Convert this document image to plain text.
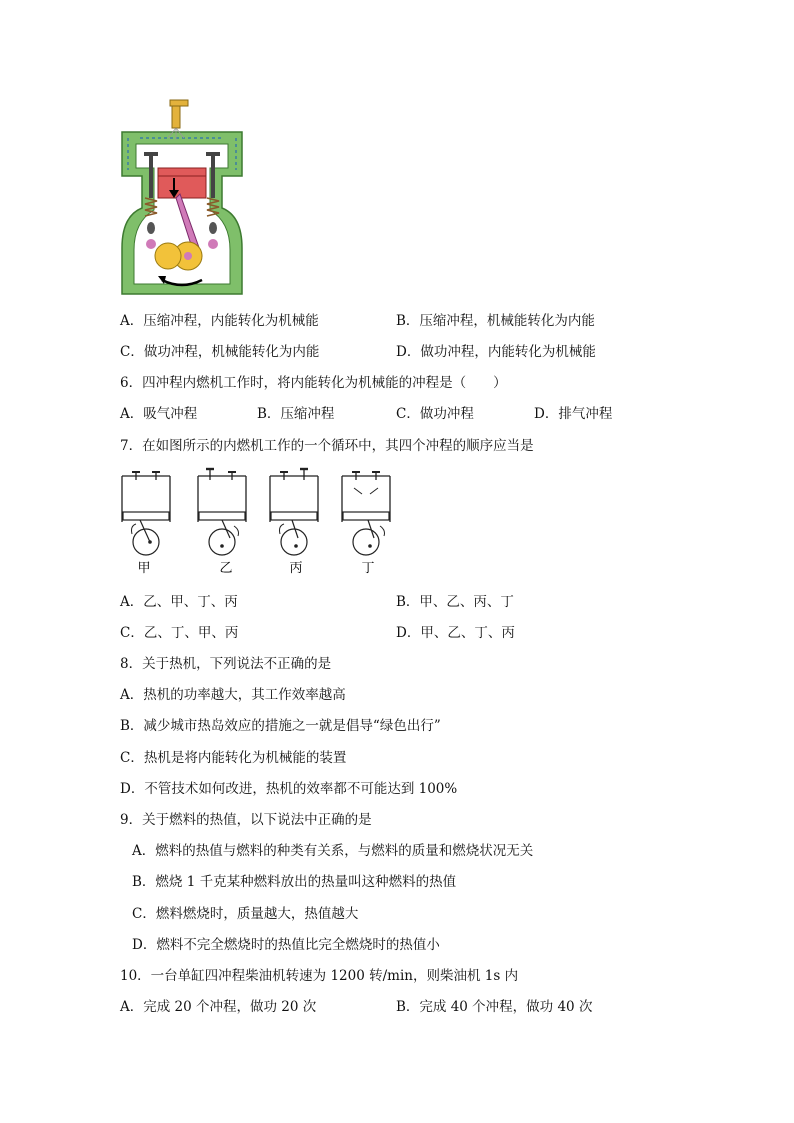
A．压缩冲程，内能转化为机械能	B．压缩冲程，机械能转化为内能
C．做功冲程，机械能转化为内能	D．做功冲程，内能转化为机械能
6．四冲程内燃机工作时，将内能转化为机械能的冲程是（　　）
A．吸气冲程	B．压缩冲程	C．做功冲程	D．排气冲程
7．在如图所示的内燃机工作的一个循环中，其四个冲程的顺序应当是
甲	乙	丙	丁
A．乙、甲、丁、丙	B．甲、乙、丙、丁
C．乙、丁、甲、丙	D．甲、乙、丁、丙
8．关于热机，下列说法不正确的是
A．热机的功率越大，其工作效率越高
B．减少城市热岛效应的措施之一就是倡导“绿色出行”
C．热机是将内能转化为机械能的装置
D．不管技术如何改进，热机的效率都不可能达到 100%
9．关于燃料的热值，以下说法中正确的是
A．燃料的热值与燃料的种类有关系，与燃料的质量和燃烧状况无关
B．燃烧 1 千克某种燃料放出的热量叫这种燃料的热值
C．燃料燃烧时，质量越大，热值越大
D．燃料不完全燃烧时的热值比完全燃烧时的热值小
10．一台单缸四冲程柴油机转速为 1200 转/min，则柴油机 1s 内
A．完成 20 个冲程，做功 20 次	B．完成 40 个冲程，做功 40 次
